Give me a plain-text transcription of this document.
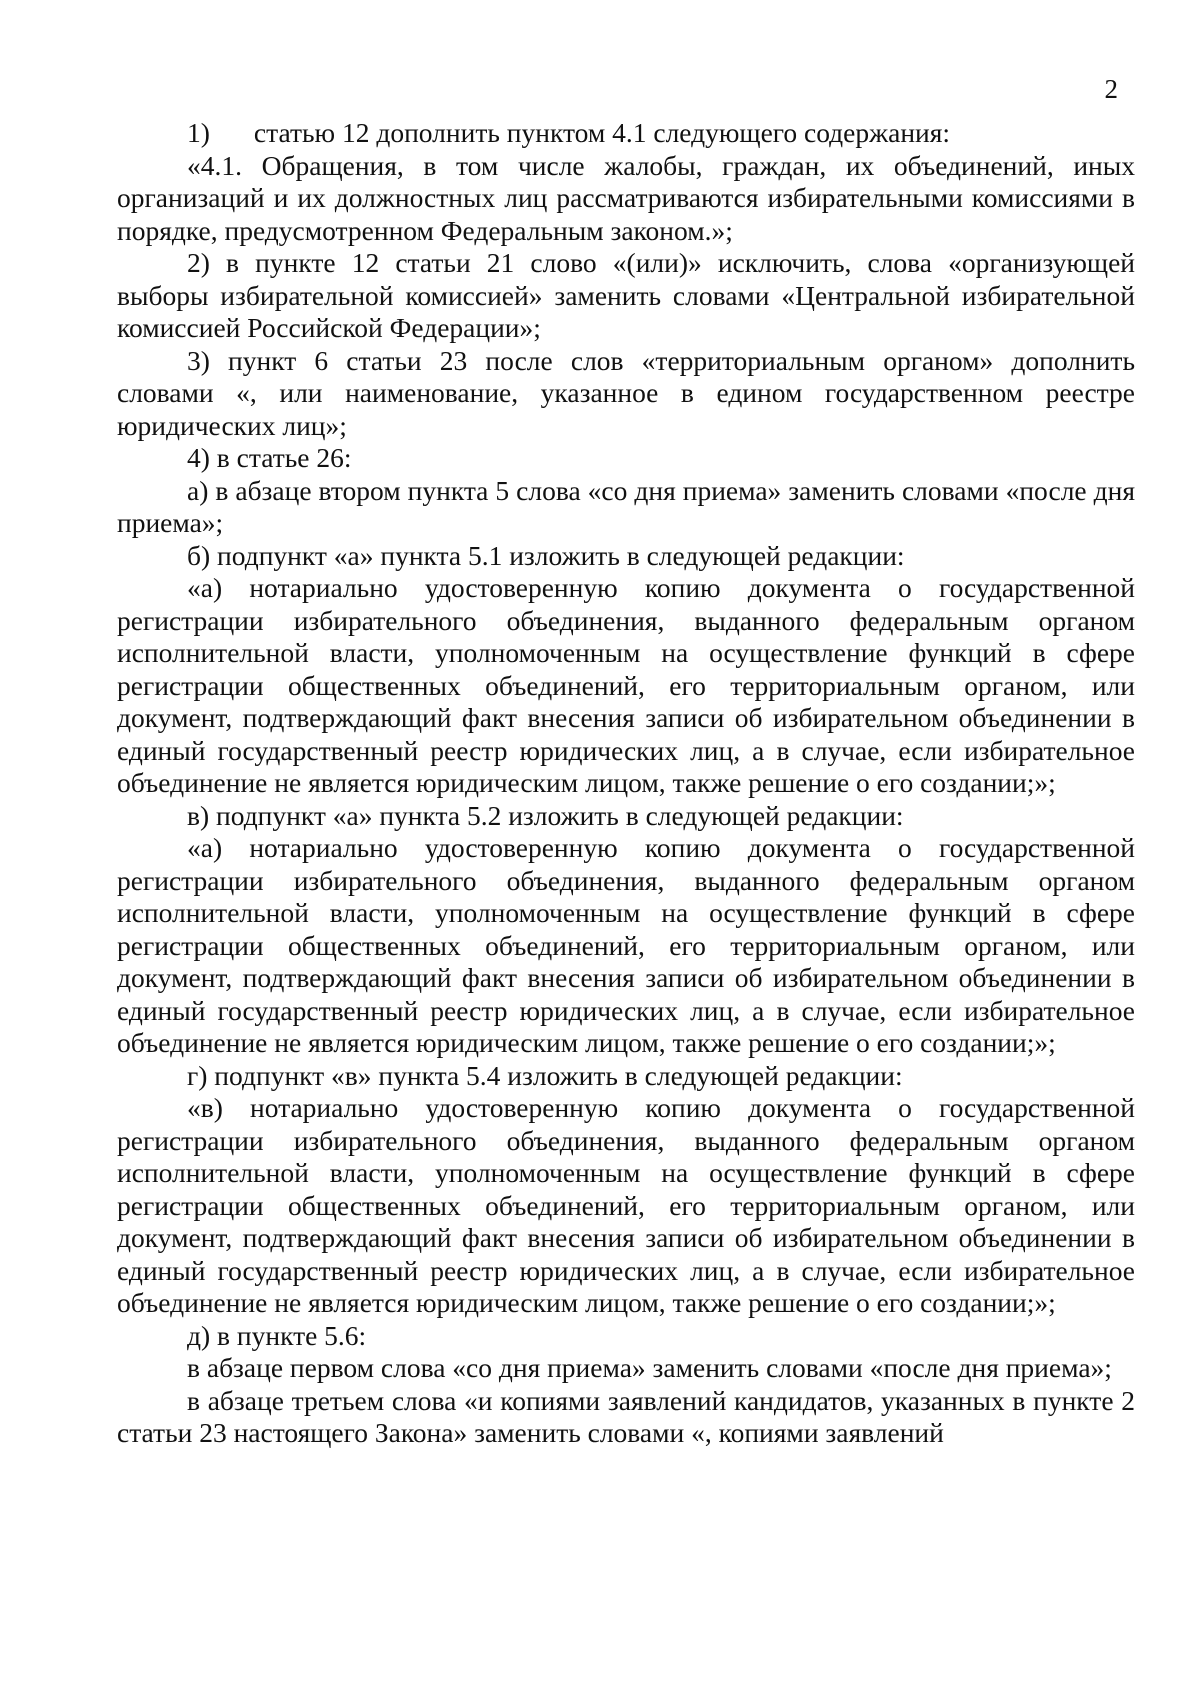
2

1) статью 12 дополнить пунктом 4.1 следующего содержания:

«4.1. Обращения, в том числе жалобы, граждан, их объединений, иных организаций и их должностных лиц рассматриваются избирательными комиссиями в порядке, предусмотренном Федеральным законом.»;

2) в пункте 12 статьи 21 слово «(или)» исключить, слова «организующей выборы избирательной комиссией» заменить словами «Центральной избирательной комиссией Российской Федерации»;

3) пункт 6 статьи 23 после слов «территориальным органом» дополнить словами «, или наименование, указанное в едином государственном реестре юридических лиц»;

4) в статье 26:

а) в абзаце втором пункта 5 слова «со дня приема» заменить словами «после дня приема»;

б) подпункт «а» пункта 5.1 изложить в следующей редакции:

«а) нотариально удостоверенную копию документа о государственной регистрации избирательного объединения, выданного федеральным органом исполнительной власти, уполномоченным на осуществление функций в сфере регистрации общественных объединений, его территориальным органом, или документ, подтверждающий факт внесения записи об избирательном объединении в единый государственный реестр юридических лиц, а в случае, если избирательное объединение не является юридическим лицом, также решение о его создании;»;

в) подпункт «а» пункта 5.2 изложить в следующей редакции:

«а) нотариально удостоверенную копию документа о государственной регистрации избирательного объединения, выданного федеральным органом исполнительной власти, уполномоченным на осуществление функций в сфере регистрации общественных объединений, его территориальным органом, или документ, подтверждающий факт внесения записи об избирательном объединении в единый государственный реестр юридических лиц, а в случае, если избирательное объединение не является юридическим лицом, также решение о его создании;»;

г) подпункт «в» пункта 5.4 изложить в следующей редакции:

«в) нотариально удостоверенную копию документа о государственной регистрации избирательного объединения, выданного федеральным органом исполнительной власти, уполномоченным на осуществление функций в сфере регистрации общественных объединений, его территориальным органом, или документ, подтверждающий факт внесения записи об избирательном объединении в единый государственный реестр юридических лиц, а в случае, если избирательное объединение не является юридическим лицом, также решение о его создании;»;

д) в пункте 5.6:

в абзаце первом слова «со дня приема» заменить словами «после дня приема»;

в абзаце третьем слова «и копиями заявлений кандидатов, указанных в пункте 2 статьи 23 настоящего Закона» заменить словами «, копиями заявлений
